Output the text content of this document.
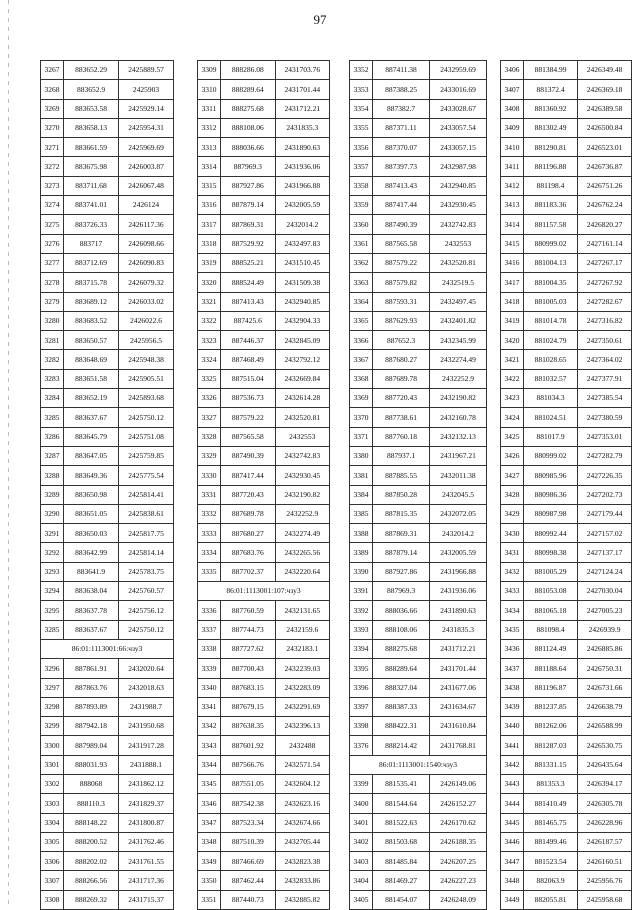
97
3267	883652.29	2425889.57
3268	883652.9	2425903
3269	883653.58	2425929.14
3270	883658.13	2425954.31
3271	883661.59	2425969.69
3272	883675.98	2426003.87
3273	883711.68	2426067.48
3274	883741.01	2426124
3275	883726.33	2426117.36
3276	883717	2426098.66
3277	883712.69	2426090.83
3278	883715.78	2426079.32
3279	883689.12	2426033.02
3280	883683.52	2426022.6
3281	883650.57	2425956.5
3282	883648.69	2425948.38
3283	883651.58	2425905.51
3284	883652.19	2425893.68
3285	883637.67	2425750.12
3286	883645.79	2425751.08
3287	883647.05	2425759.85
3288	883649.36	2425775.54
3289	883650.98	2425814.41
3290	883651.05	2425838.61
3291	883650.03	2425817.75
3292	883642.99	2425814.14
3293	883641.9	2425783.75
3294	883638.04	2425760.57
3295	883637.78	2425756.12
3285	883637.67	2425750.12
86:01:1113001:66:чзу3		
3296	887861.91	2432020.64
3297	887863.76	2432018.63
3298	887893.89	2431988.7
3299	887942.18	2431950.68
3300	887989.04	2431917.28
3301	888031.93	2431888.1
3302	888068	2431862.12
3303	888110.3	2431829.37
3304	888148.22	2431800.87
3305	888200.52	2431762.46
3306	888202.02	2431761.55
3307	888266.56	2431717.36
3308	888269.32	2431715.37
3309	888286.08	2431703.76
3310	888289.64	2431701.44
3311	888275.68	2431712.21
3312	888108.06	2431835.3
3313	888036.66	2431890.63
3314	887969.3	2431936.06
3315	887927.86	2431966.88
3316	887879.14	2432005.59
3317	887869.31	2432014.2
3318	887529.92	2432497.83
3319	888525.21	2431510.45
3320	888524.49	2431509.38
3321	887413.43	2432940.85
3322	887425.6	2432904.33
3323	887446.37	2432845.09
3324	887468.49	2432792.12
3325	887515.04	2432669.84
3326	887536.73	2432614.28
3327	887579.22	2432520.81
3328	887565.58	2432553
3329	887490.39	2432742.83
3330	887417.44	2432930.45
3331	887720.43	2432190.82
3332	887689.78	2432252.9
3333	887680.27	2432274.49
3334	887683.76	2432265.56
3335	887702.37	2432220.64
86:01:1113001:107:чзу3		
3336	887760.59	2432131.65
3337	887744.73	2432159.6
3338	887727.62	2432183.1
3339	887700.43	2432239.03
3340	887683.15	2432283.09
3341	887679.15	2432291.69
3342	887638.35	2432396.13
3343	887601.92	2432488
3344	887566.76	2432571.54
3345	887551.05	2432604.12
3346	887542.38	2432623.16
3347	887523.34	2432674.66
3348	887510.39	2432705.44
3349	887466.69	2432823.38
3350	887462.44	2432833.86
3351	887440.73	2432885.82
3352	887411.38	2432959.69
3353	887388.25	2433016.69
3354	887382.7	2433028.67
3355	887371.11	2433057.54
3356	887370.07	2433057.15
3357	887397.73	2432987.98
3358	887413.43	2432940.85
3359	887417.44	2432930.45
3360	887490.39	2432742.83
3361	887565.58	2432553
3362	887579.22	2432520.81
3363	887579.82	2432519.5
3364	887593.31	2432497.45
3365	887629.93	2432401.82
3366	887652.3	2432345.99
3367	887680.27	2432274.49
3368	887689.78	2432252.9
3369	887720.43	2432190.82
3370	887738.61	2432160.78
3371	887760.18	2432132.13
3380	887937.1	2431967.21
3381	887885.55	2432011.38
3384	887850.28	2432045.5
3385	887815.35	2432072.05
3388	887869.31	2432014.2
3389	887879.14	2432005.59
3390	887927.86	2431966.88
3391	887969.3	2431936.06
3392	888036.66	2431890.63
3393	888108.06	2431835.3
3394	888275.68	2431712.21
3395	888289.64	2431701.44
3396	888327.04	2431677.06
3397	888387.33	2431634.67
3398	888422.31	2431610.84
3376	888214.42	2431768.81
86:01:1113001:1540:чзу3		
3399	881535.41	2426149.06
3400	881544.64	2426152.27
3401	881522.63	2426170.62
3402	881503.68	2426188.35
3403	881485.84	2426207.25
3404	881469.27	2426227.23
3405	881454.07	2426248.09
3406	881384.99	2426349.48
3407	881372.4	2426369.18
3408	881360.92	2426389.58
3409	881302.49	2426500.84
3410	881290.81	2426523.01
3411	881196.88	2426736.87
3412	881198.4	2426751.26
3413	881183.36	2426762.24
3414	881157.58	2426820.27
3415	880999.02	2427161.14
3416	881004.13	2427267.17
3417	881004.35	2427267.92
3418	881005.03	2427282.67
3419	881014.78	2427316.82
3420	881024.79	2427350.61
3421	881028.65	2427364.02
3422	881032.57	2427377.91
3423	881034.3	2427385.54
3424	881024.51	2427380.59
3425	881017.9	2427353.01
3426	880999.02	2427282.79
3427	880985.96	2427226.35
3428	880986.36	2427202.73
3429	880987.98	2427179.44
3430	880992.44	2427157.02
3431	880998.38	2427137.17
3432	881005.29	2427124.24
3433	881053.08	2427030.04
3434	881065.18	2427005.23
3435	881098.4	2426939.9
3436	881124.49	2426885.86
3437	881188.64	2426750.31
3438	881196.87	2426731.66
3439	881237.85	2426638.79
3440	881262.06	2426588.99
3441	881287.03	2426530.75
3442	881331.15	2426435.64
3443	881353.3	2426394.17
3444	881410.49	2426305.78
3445	881465.75	2426228.96
3446	881499.46	2426187.57
3447	881523.54	2426160.51
3448	882063.9	2425956.76
3449	882055.81	2425958.68
